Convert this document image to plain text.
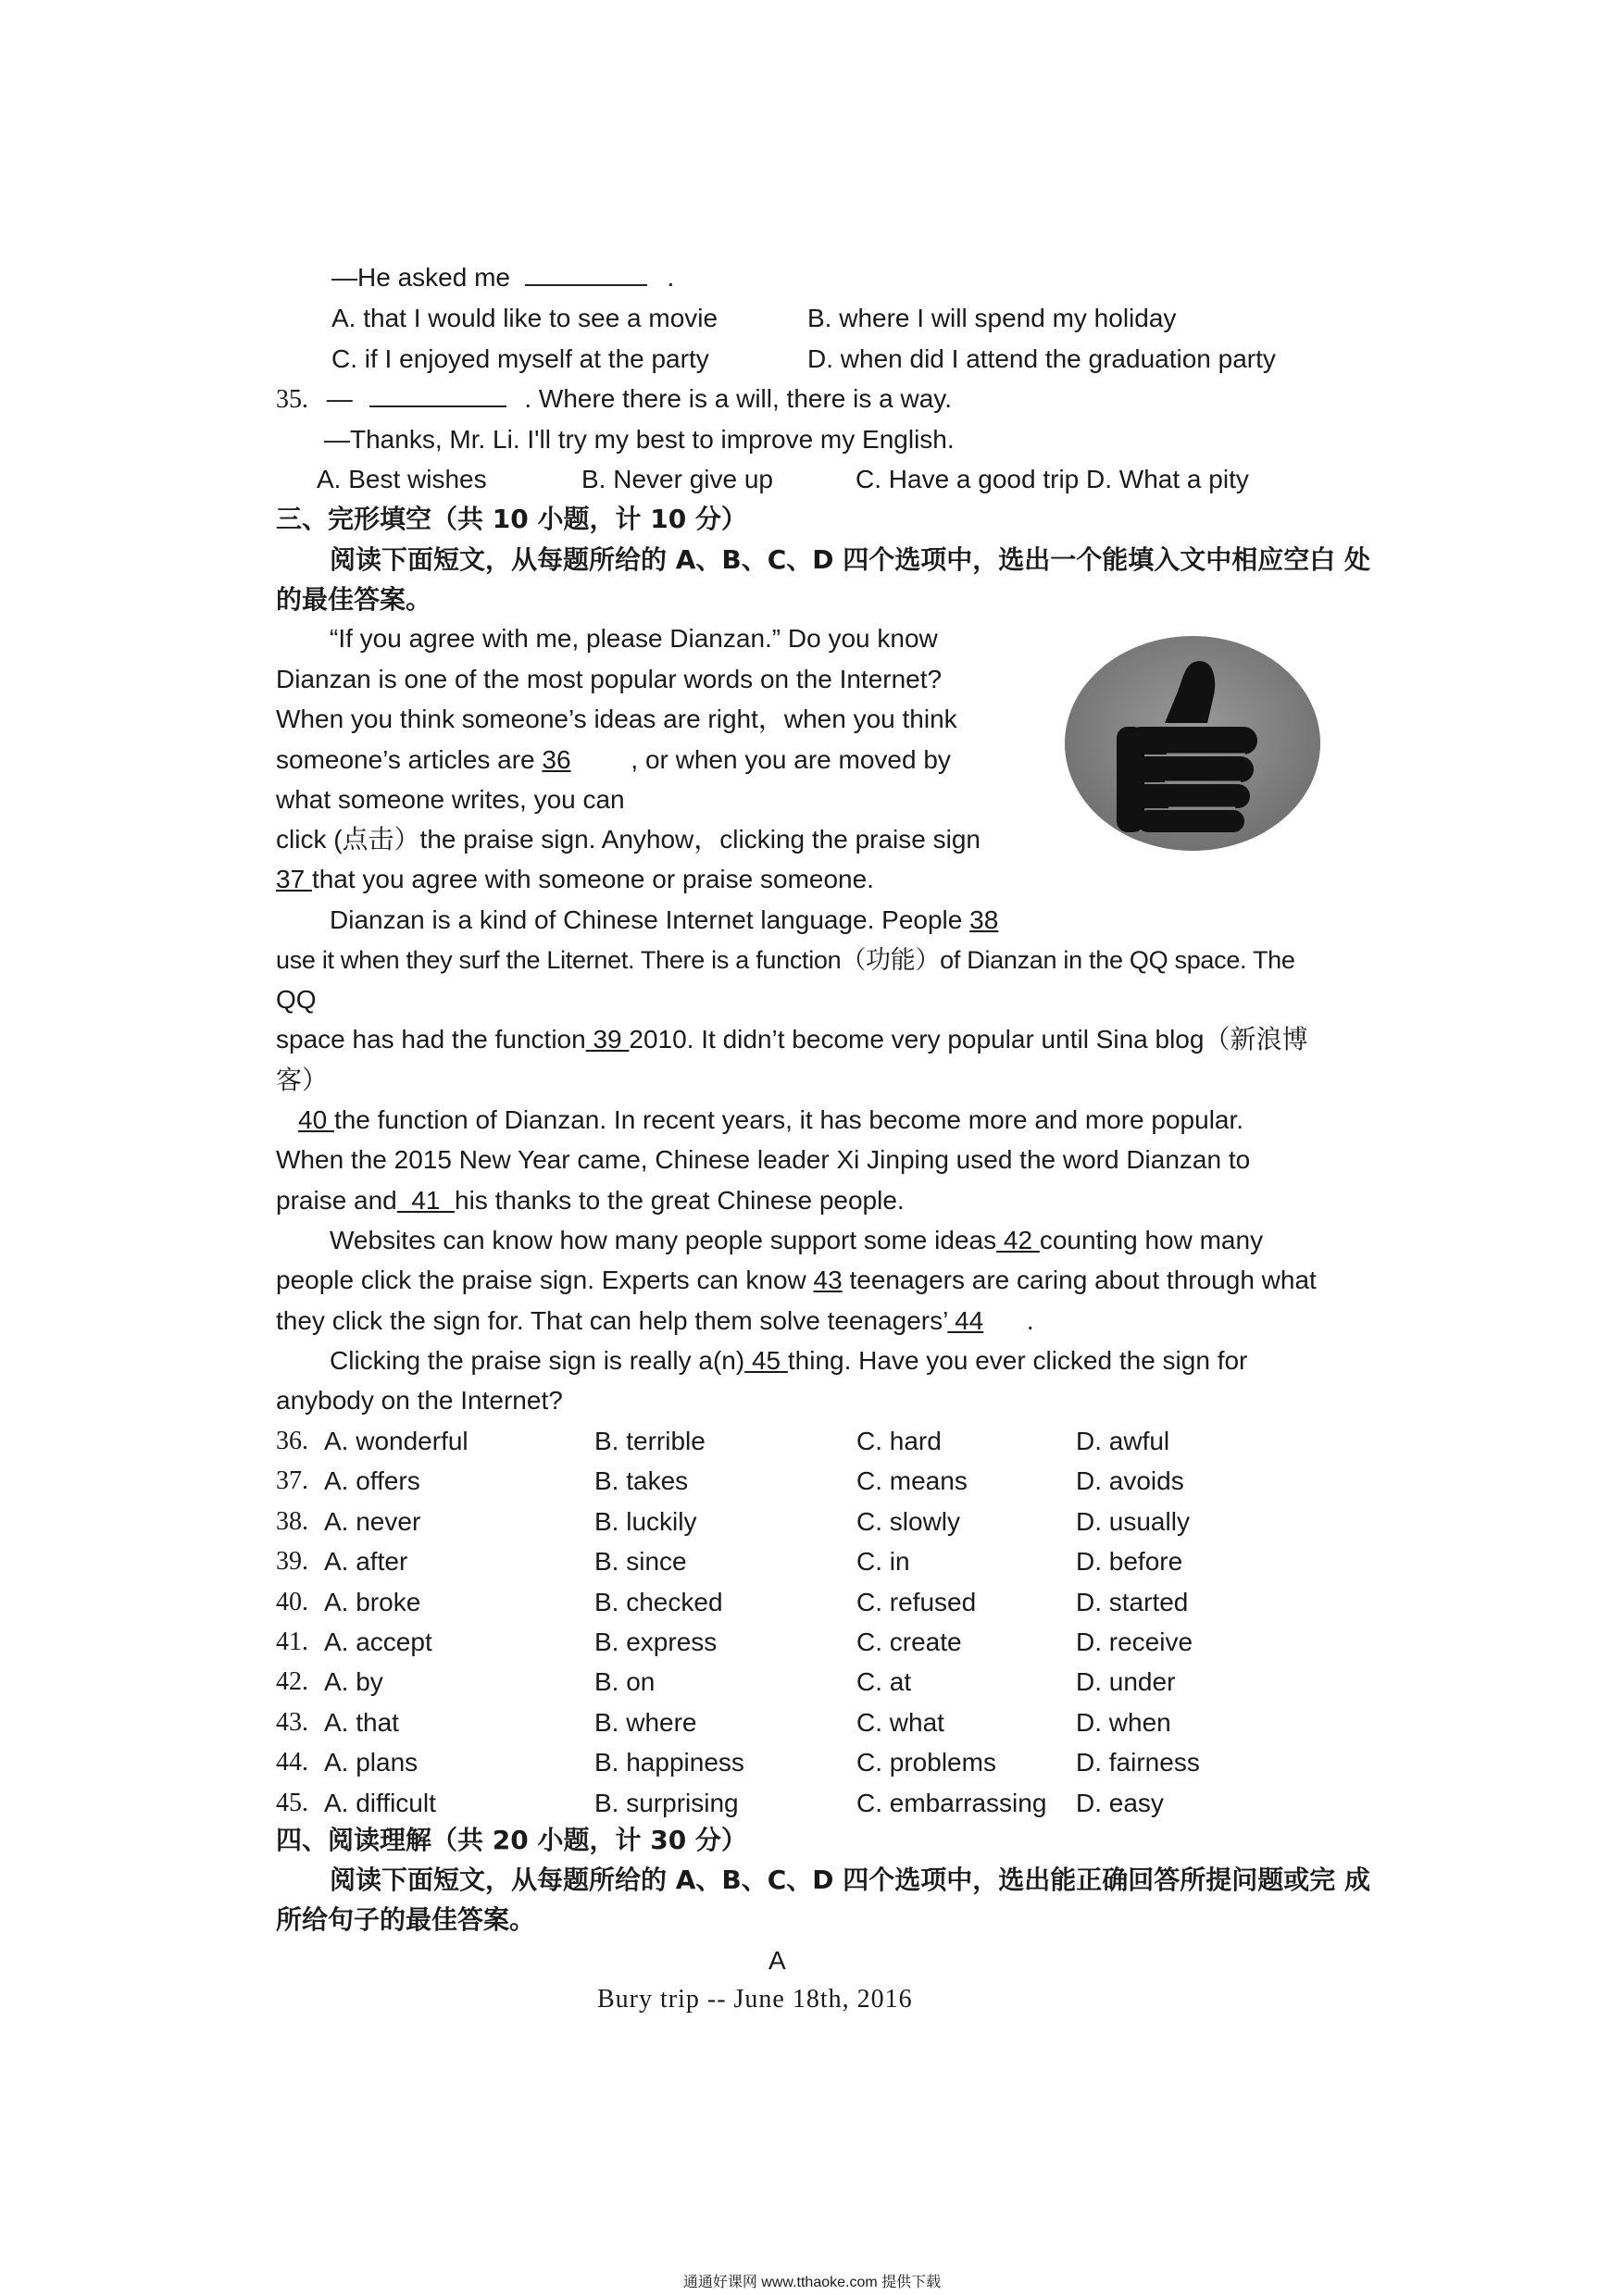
—He asked me	.
A. that I would like to see a movie	B. where I will spend my holiday
C. if I enjoyed myself at the party	D. when did I attend the graduation party
35. —	. Where there is a will, there is a way.
—Thanks, Mr. Li. I'll try my best to improve my English.
A. Best wishes	B. Never give up	C. Have a good trip D. What a pity
三、完形填空（共 10 小题，计 10 分）
阅读下面短文，从每题所给的 A、B、C、D 四个选项中，选出一个能填入文中相应空白 处
的最佳答案。
“If you agree with me, please Dianzan.” Do you know
Dianzan is one of the most popular words on the Internet?
When you think someone’s ideas are right，when you think
someone’s articles are 36 , or when you are moved by
what someone writes, you can
click (点击）the praise sign. Anyhow，clicking the praise sign
37 that you agree with someone or praise someone.
Dianzan is a kind of Chinese Internet language. People 38
use it when they surf the Liternet. There is a function（功能）of Dianzan in the QQ space. The
QQ
space has had the function 39 2010. It didn’t become very popular until Sina blog（新浪博
客）
40 the function of Dianzan. In recent years, it has become more and more popular.
When the 2015 New Year came, Chinese leader Xi Jinping used the word Dianzan to
praise and  41  his thanks to the great Chinese people.
Websites can know how many people support some ideas 42 counting how many
people click the praise sign. Experts can know 43 teenagers are caring about through what
they click the sign for. That can help them solve teenagers’ 44      .
Clicking the praise sign is really a(n) 45 thing. Have you ever clicked the sign for
anybody on the Internet?
36. A. wonderful	B. terrible	C. hard	D. awful
37. A. offers	B. takes	C. means	D. avoids
38. A. never	B. luckily	C. slowly	D. usually
39. A. after	B. since	C. in	D. before
40. A. broke	B. checked	C. refused	D. started
41. A. accept	B. express	C. create	D. receive
42. A. by	B. on	C. at	D. under
43. A. that	B. where	C. what	D. when
44. A. plans	B. happiness	C. problems	D. fairness
45. A. difficult	B. surprising	C. embarrassing D. easy
四、阅读理解（共 20 小题，计 30 分）
阅读下面短文，从每题所给的 A、B、C、D 四个选项中，选出能正确回答所提问题或完 成
所给句子的最佳答案。
A
Bury trip -- June 18th, 2016
通通好课网 www.tthaoke.com 提供下载
